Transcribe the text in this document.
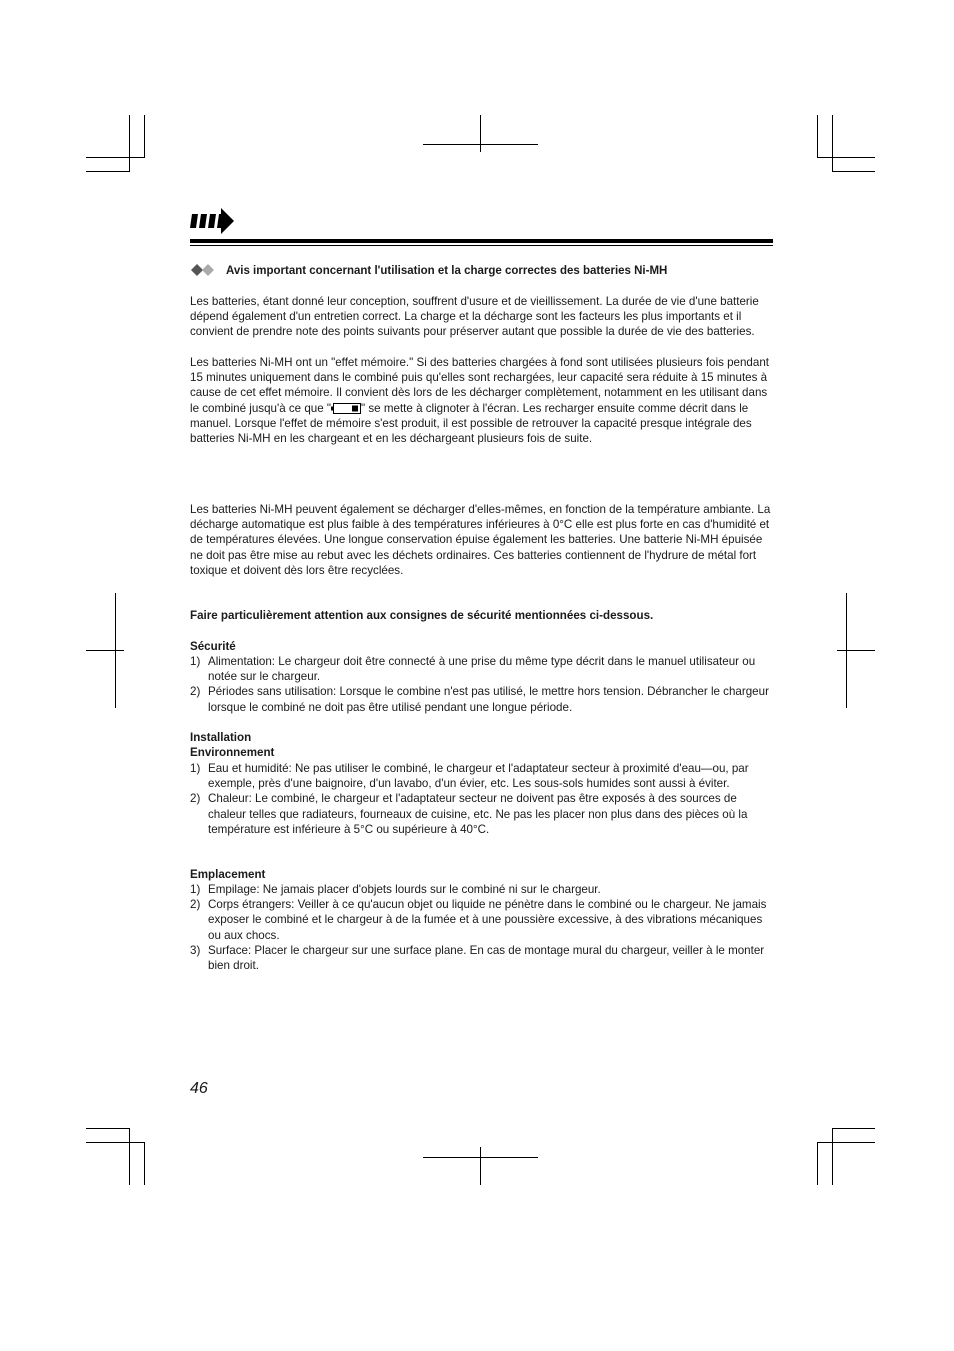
Avis important concernant l'utilisation et la charge correctes des batteries Ni-MH

Les batteries, étant donné leur conception, souffrent d'usure et de vieillissement. La durée de vie d'une batterie dépend également d'un entretien correct. La charge et la décharge sont les facteurs les plus importants et il convient de prendre note des points suivants pour préserver autant que possible la durée de vie des batteries.

Les batteries Ni-MH ont un "effet mémoire." Si des batteries chargées à fond sont utilisées plusieurs fois pendant 15 minutes uniquement dans le combiné puis qu'elles sont rechargées, leur capacité sera réduite à 15 minutes à cause de cet effet mémoire. Il convient dès lors de les décharger complètement, notamment en les utilisant dans le combiné jusqu'à ce que "	" se mette à clignoter à l'écran. Les recharger ensuite comme décrit dans le manuel. Lorsque l'effet de mémoire s'est produit, il est possible de retrouver la capacité presque intégrale des batteries Ni-MH en les chargeant et en les déchargeant plusieurs fois de suite.

Les batteries Ni-MH peuvent également se décharger d'elles-mêmes, en fonction de la température ambiante. La décharge automatique est plus faible à des températures inférieures à 0°C elle est plus forte en cas d'humidité et de températures élevées. Une longue conservation épuise également les batteries. Une batterie Ni-MH épuisée ne doit pas être mise au rebut avec les déchets ordinaires. Ces batteries contiennent de l'hydrure de métal fort toxique et doivent dès lors être recyclées.

Faire particulièrement attention aux consignes de sécurité mentionnées ci-dessous.

Sécurité

1) Alimentation: Le chargeur doit être connecté à une prise du même type décrit dans le manuel utilisateur ou notée sur le chargeur.
2) Périodes sans utilisation: Lorsque le combine n'est pas utilisé, le mettre hors tension. Débrancher le chargeur lorsque le combiné ne doit pas être utilisé pendant une longue période.

Installation

Environnement

1) Eau et humidité: Ne pas utiliser le combiné, le chargeur et l'adaptateur secteur à proximité d'eau—ou, par exemple, près d'une baignoire, d'un lavabo, d'un évier, etc. Les sous-sols humides sont aussi à éviter.
2) Chaleur: Le combiné, le chargeur et l'adaptateur secteur ne doivent pas être exposés à des sources de chaleur telles que radiateurs, fourneaux de cuisine, etc. Ne pas les placer non plus dans des pièces où la température est inférieure à 5°C ou supérieure à 40°C.

Emplacement

1) Empilage: Ne jamais placer d'objets lourds sur le combiné ni sur le chargeur.
2) Corps étrangers: Veiller à ce qu'aucun objet ou liquide ne pénètre dans le combiné ou le chargeur. Ne jamais exposer le combiné et le chargeur à de la fumée et à une poussière excessive, à des vibrations mécaniques ou aux chocs.
3) Surface: Placer le chargeur sur une surface plane. En cas de montage mural du chargeur, veiller à le monter bien droit.
46
